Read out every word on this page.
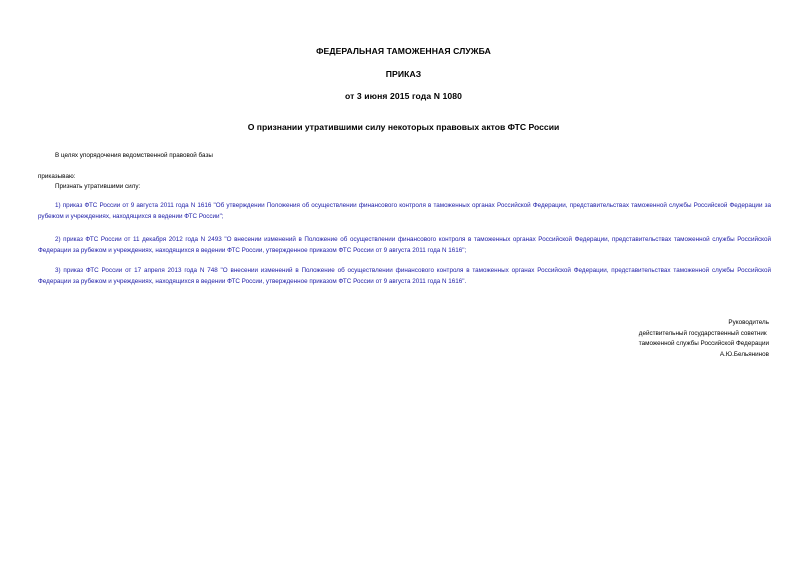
ФЕДЕРАЛЬНАЯ ТАМОЖЕННАЯ СЛУЖБА
ПРИКАЗ
от 3 июня 2015 года N 1080
О признании утратившими силу некоторых правовых актов ФТС России
В целях упорядочения ведомственной правовой базы
приказываю:
Признать утратившими силу:
1) приказ ФТС России от 9 августа 2011 года N 1616 "Об утверждении Положения об осуществлении финансового контроля в таможенных органах Российской Федерации, представительствах таможенной службы Российской Федерации за рубежом и учреждениях, находящихся в ведении ФТС России";
2) приказ ФТС России от 11 декабря 2012 года N 2493 "О внесении изменений в Положение об осуществлении финансового контроля в таможенных органах Российской Федерации, представительствах таможенной службы Российской Федерации за рубежом и учреждениях, находящихся в ведении ФТС России, утвержденное приказом ФТС России от 9 августа 2011 года N 1616";
3) приказ ФТС России от 17 апреля 2013 года N 748 "О внесении изменений в Положение об осуществлении финансового контроля в таможенных органах Российской Федерации, представительствах таможенной службы Российской Федерации за рубежом и учреждениях, находящихся в ведении ФТС России, утвержденное приказом ФТС России от 9 августа 2011 года N 1616".
Руководитель
действительный государственный советник
таможенной службы Российской Федерации
А.Ю.Бельянинов
